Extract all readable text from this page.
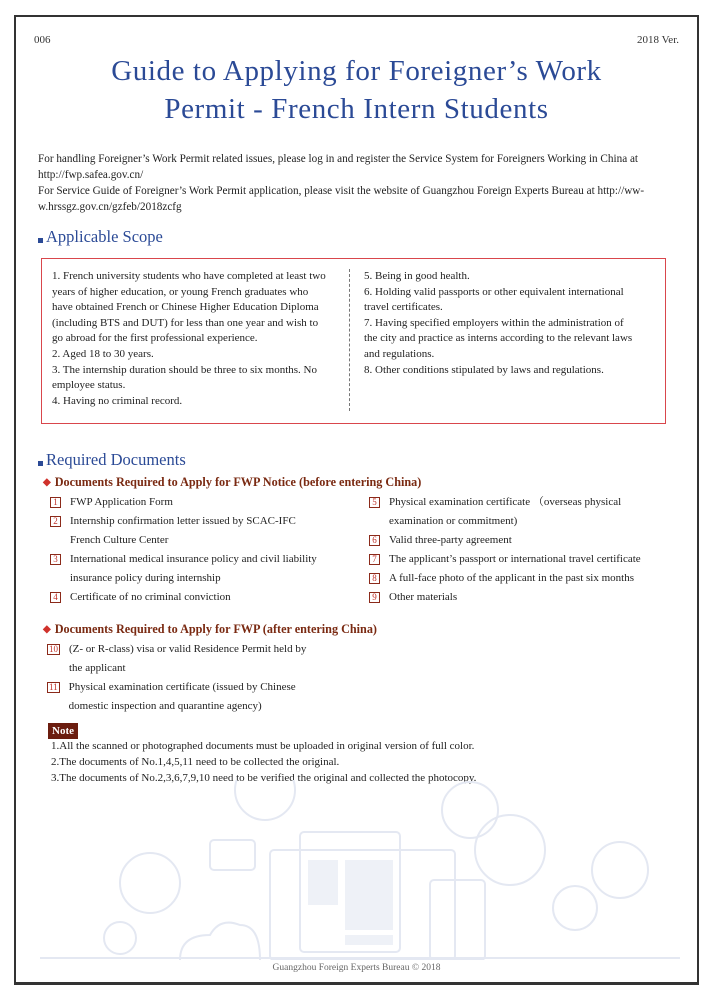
006	2018 Ver.
Guide to Applying for Foreigner’s Work
Permit - French Intern Students
For handling Foreigner’s Work Permit related issues, please log in and register the Service System for Foreigners Working in China at
http://fwp.safea.gov.cn/
For Service Guide of Foreigner’s Work Permit application, please visit the website of Guangzhou Foreign Experts Bureau at http://ww-
w.hrssgz.gov.cn/gzfeb/2018zcfg
Applicable Scope
1. French university students who have completed at least two
years of higher education, or young French graduates who
have obtained French or Chinese Higher Education Diploma
(including BTS and DUT) for less than one year and wish to
go abroad for the first professional experience.
2. Aged 18 to 30 years.
3. The internship duration should be three to six months. No
employee status.
4. Having no criminal record.
5. Being in good health.
6. Holding valid passports or other equivalent international
travel certificates.
7. Having specified employers within the administration of
the city and practice as interns according to the relevant laws
and regulations.
8. Other conditions stipulated by laws and regulations.
Required Documents
◆ Documents Required to Apply for FWP Notice (before entering China)
1 FWP Application Form
2 Internship confirmation letter issued by SCAC-IFC
French Culture Center
3 International medical insurance policy and civil liability
insurance policy during internship
4 Certificate of no criminal conviction
5 Physical examination certificate （overseas physical
examination or commitment)
6 Valid three-party agreement
7 The applicant’s passport or international travel certificate
8 A full-face photo of the applicant in the past six months
9 Other materials
◆ Documents Required to Apply for FWP (after entering China)
10 (Z- or R-class) visa or valid Residence Permit held by
the applicant
11 Physical examination certificate (issued by Chinese
domestic inspection and quarantine agency)
Note
1.All the scanned or photographed documents must be uploaded in original version of full color.
2.The documents of No.1,4,5,11 need to be collected the original.
3.The documents of No.2,3,6,7,9,10 need to be verified the original and collected the photocopy.
Guangzhou Foreign Experts Bureau © 2018
